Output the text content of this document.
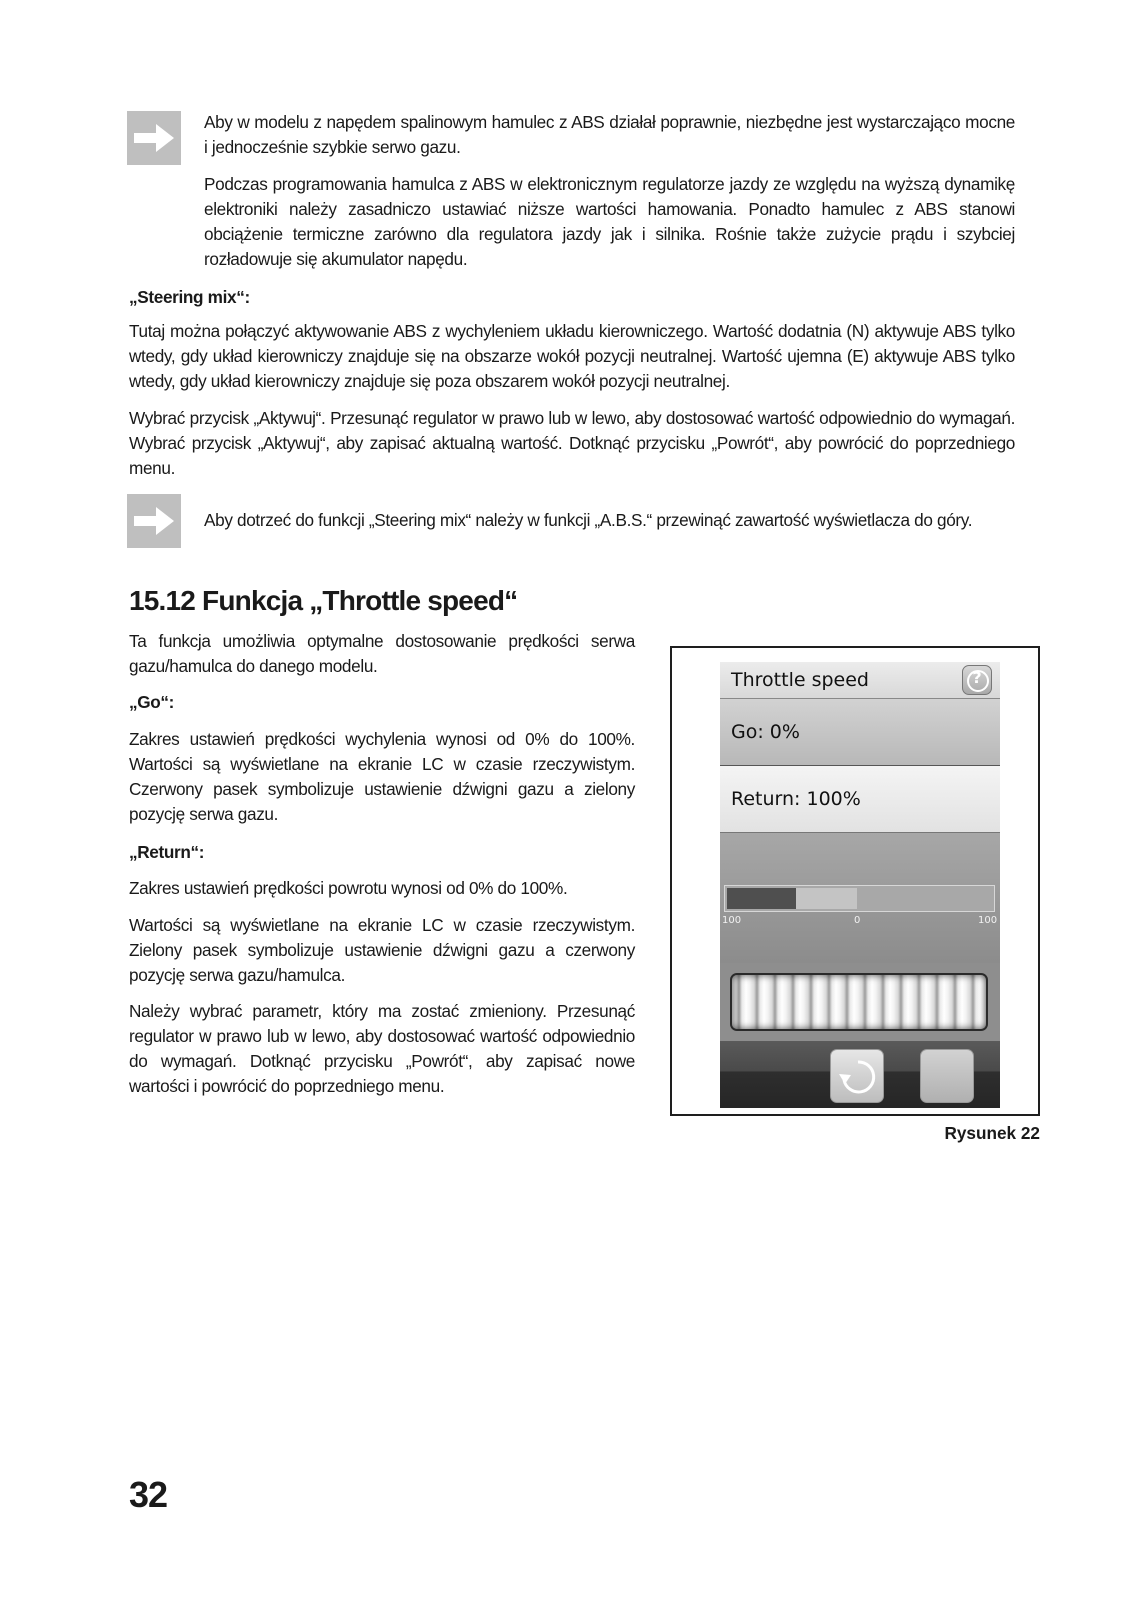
Aby w modelu z napędem spalinowym hamulec z ABS działał poprawnie, niezbędne jest wystarczająco mocne i jednocześnie szybkie serwo gazu.

Podczas programowania hamulca z ABS w elektronicznym regulatorze jazdy ze względu na wyższą dynamikę elektroniki należy zasadniczo ustawiać niższe wartości hamowania. Ponadto hamulec z ABS stanowi obciążenie termiczne zarówno dla regulatora jazdy jak i silnika. Rośnie także zużycie prądu i szybciej rozładowuje się akumulator napędu.

„Steering mix“:

Tutaj można połączyć aktywowanie ABS z wychyleniem układu kierowniczego. Wartość dodatnia (N) aktywuje ABS tylko wtedy, gdy układ kierowniczy znajduje się na obszarze wokół pozycji neutralnej. Wartość ujemna (E) aktywuje ABS tylko wtedy, gdy układ kierowniczy znajduje się poza obszarem wokół pozycji neutralnej.

Wybrać przycisk „Aktywuj“. Przesunąć regulator w prawo lub w lewo, aby dostosować wartość odpowiednio do wymagań. Wybrać przycisk „Aktywuj“, aby zapisać aktualną wartość. Dotknąć przycisku „Powrót“, aby powrócić do poprzedniego menu.

Aby dotrzeć do funkcji „Steering mix“ należy w funkcji „A.B.S.“ przewinąć zawartość wyświetlacza do góry.

15.12 Funkcja „Throttle speed“

Ta funkcja umożliwia optymalne dostosowanie prędkości serwa gazu/hamulca do danego modelu.

„Go“:

Zakres ustawień prędkości wychylenia wynosi od 0% do 100%. Wartości są wyświetlane na ekranie LC w czasie rzeczywistym. Czerwony pasek symbolizuje ustawienie dźwigni gazu a zielony pozycję serwa gazu.

„Return“:

Zakres ustawień prędkości powrotu wynosi od 0% do 100%.

Wartości są wyświetlane na ekranie LC w czasie rzeczywistym. Zielony pasek symbolizuje ustawienie dźwigni gazu a czerwony pozycję serwa gazu/hamulca.

Należy wybrać parametr, który ma zostać zmieniony. Przesunąć regulator w prawo lub w lewo, aby dostosować wartość odpowiednio do wymagań. Dotknąć przycisku „Powrót“, aby zapisać nowe wartości i powrócić do poprzedniego menu.

Throttle speed	?
Go: 0%
Return: 100%
100	0	100
Rysunek 22
32
